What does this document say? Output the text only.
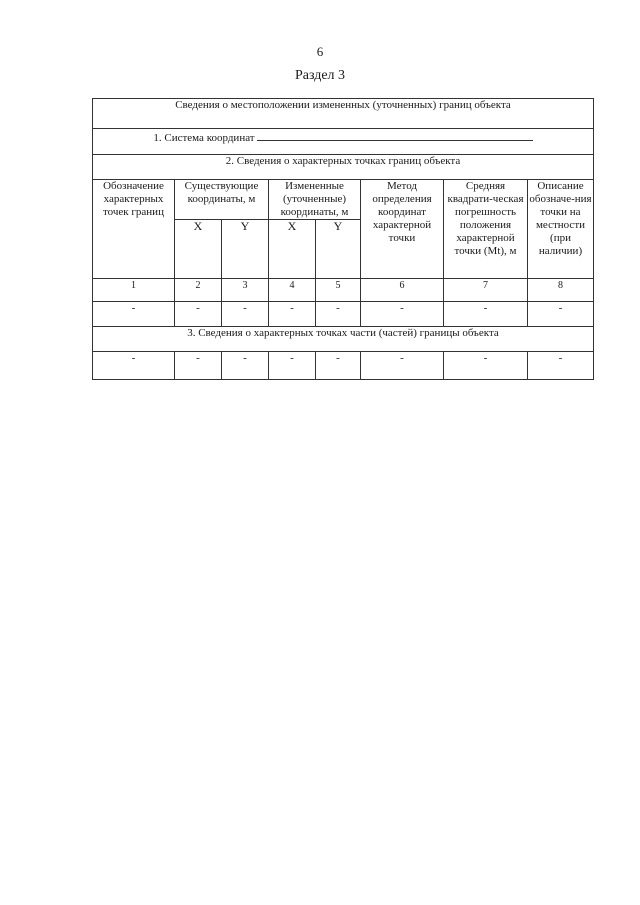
6
Раздел 3
Сведения о местоположении измененных (уточненных) границ объекта							
1. Система координат							
2. Сведения о характерных точках границ объекта							
Обозначение характерных точек границ	Существующие координаты, м		Измененные (уточненные) координаты, м		Метод определения координат характерной точки	Средняя квадрати-ческая погрешность положения характерной точки (Mt), м	Описание обозначе-ния точки на местности (при наличии)
	X	Y	X	Y			
1	2	3	4	5	6	7	8
-	-	-	-	-	-	-	-
3. Сведения о характерных точках части (частей) границы объекта							
-	-	-	-	-	-	-	-
